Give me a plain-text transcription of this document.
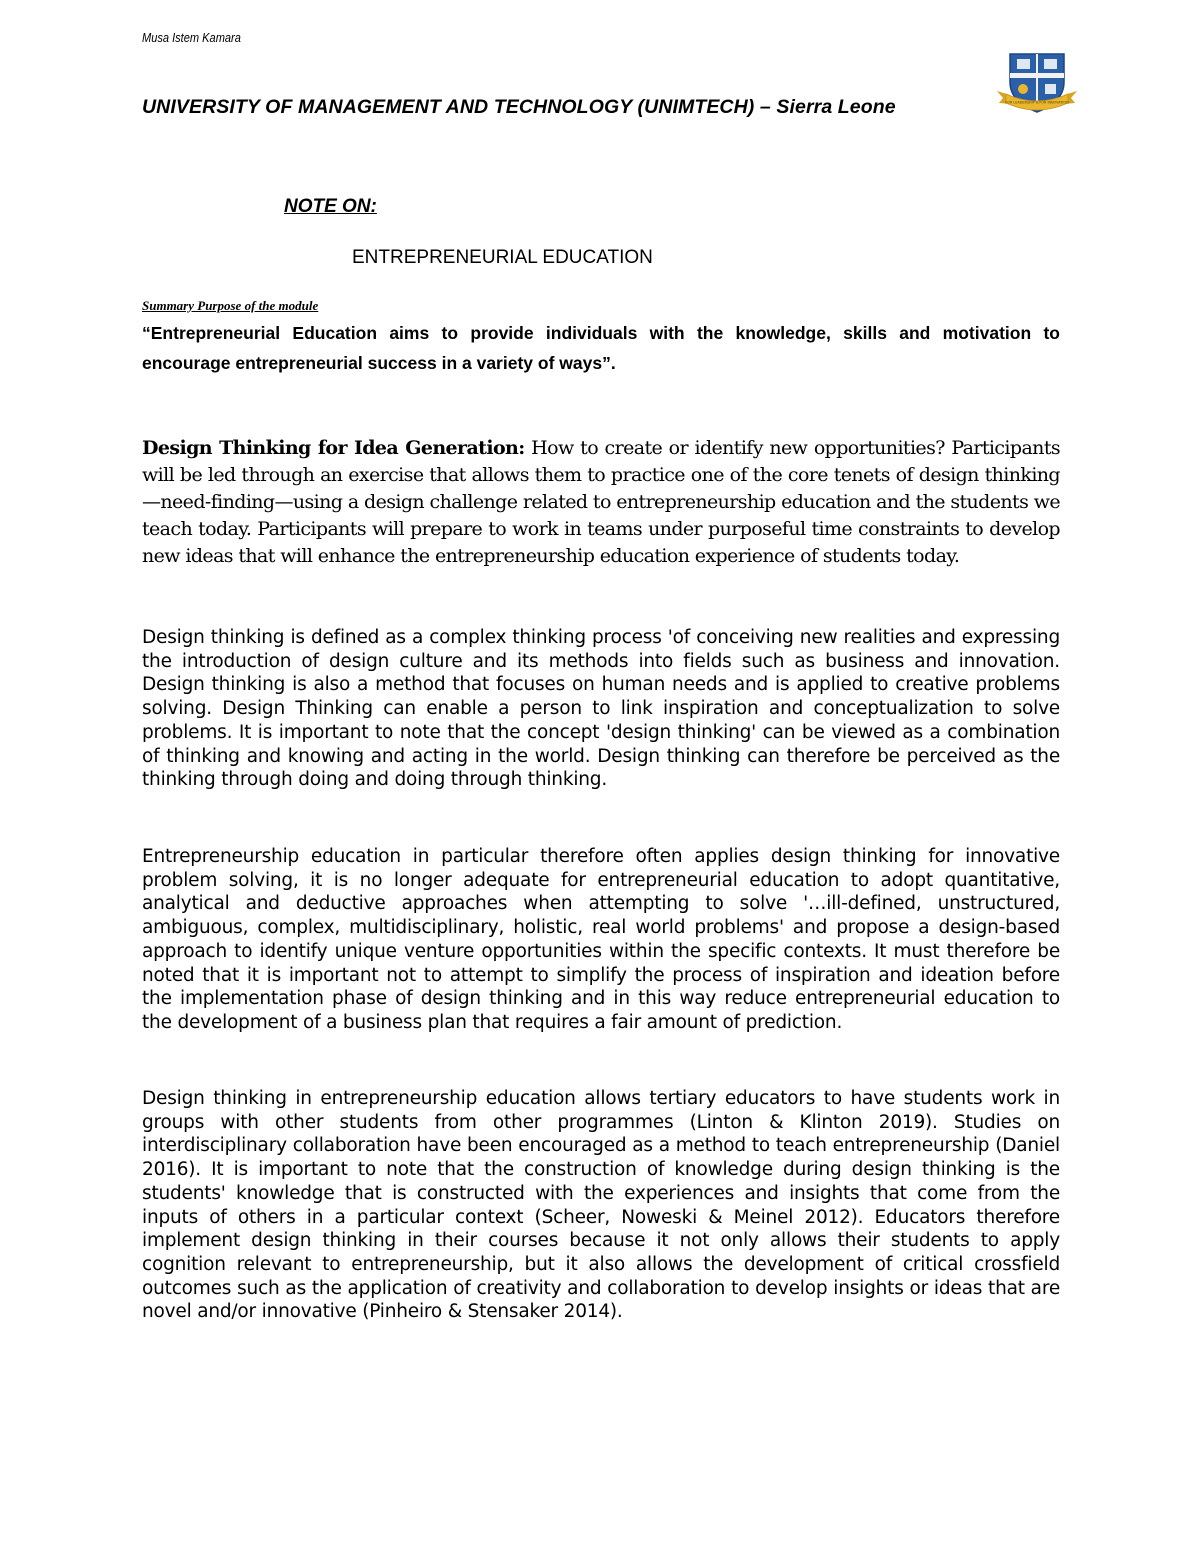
Musa Istem Kamara
UNIVERSITY OF MANAGEMENT AND TECHNOLOGY (UNIMTECH) – Sierra Leone	FOR LEADERSHIP & FOR INNOVATION
NOTE ON:
ENTREPRENEURIAL EDUCATION
Summary Purpose of the module
“Entrepreneurial Education aims to provide individuals with the knowledge, skills and motivation to encourage entrepreneurial success in a variety of ways”.
Design Thinking for Idea Generation: How to create or identify new opportunities? Participants will be led through an exercise that allows them to practice one of the core tenets of design thinking—need-finding—using a design challenge related to entrepreneurship education and the students we teach today. Participants will prepare to work in teams under purposeful time constraints to develop new ideas that will enhance the entrepreneurship education experience of students today.
Design thinking is defined as a complex thinking process 'of conceiving new realities and expressing the introduction of design culture and its methods into fields such as business and innovation. Design thinking is also a method that focuses on human needs and is applied to creative problems solving. Design Thinking can enable a person to link inspiration and conceptualization to solve problems. It is important to note that the concept 'design thinking' can be viewed as a combination of thinking and knowing and acting in the world. Design thinking can therefore be perceived as the thinking through doing and doing through thinking.
Entrepreneurship education in particular therefore often applies design thinking for innovative problem solving, it is no longer adequate for entrepreneurial education to adopt quantitative, analytical and deductive approaches when attempting to solve '…ill-defined, unstructured, ambiguous, complex, multidisciplinary, holistic, real world problems' and propose a design-based approach to identify unique venture opportunities within the specific contexts. It must therefore be noted that it is important not to attempt to simplify the process of inspiration and ideation before the implementation phase of design thinking and in this way reduce entrepreneurial education to the development of a business plan that requires a fair amount of prediction.
Design thinking in entrepreneurship education allows tertiary educators to have students work in groups with other students from other programmes (Linton & Klinton 2019). Studies on interdisciplinary collaboration have been encouraged as a method to teach entrepreneurship (Daniel 2016). It is important to note that the construction of knowledge during design thinking is the students' knowledge that is constructed with the experiences and insights that come from the inputs of others in a particular context (Scheer, Noweski & Meinel 2012). Educators therefore implement design thinking in their courses because it not only allows their students to apply cognition relevant to entrepreneurship, but it also allows the development of critical crossfield outcomes such as the application of creativity and collaboration to develop insights or ideas that are novel and/or innovative (Pinheiro & Stensaker 2014).
